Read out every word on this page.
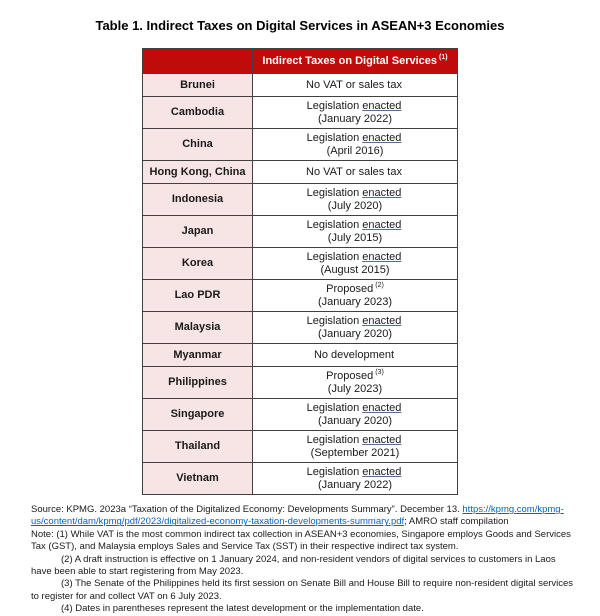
Table 1. Indirect Taxes on Digital Services in ASEAN+3 Economies
	Indirect Taxes on Digital Services $^{(1)}$
Brunei	No VAT or sales tax

Cambodia	Legislation enacted
(January 2022)

China	Legislation enacted
(April 2016)

Hong Kong, China	No VAT or sales tax

Indonesia	Legislation enacted
(July 2020)

Japan	Legislation enacted
(July 2015)

Korea	Legislation enacted
(August 2015)

Lao PDR	Proposed $^{(2)}$
(January 2023)

Malaysia	Legislation enacted
(January 2020)

Myanmar	No development

Philippines	Proposed $^{(3)}$
(July 2023)

Singapore	Legislation enacted
(January 2020)

Thailand	Legislation enacted
(September 2021)

Vietnam	Legislation enacted
(January 2022)

Source: KPMG. 2023a “Taxation of the Digitalized Economy: Developments Summary”. December 13. https://kpmg.com/kpmg-us/content/dam/kpmg/pdf/2023/digitalized-economy-taxation-developments-summary.pdf; AMRO staff compilation

Note: (1) While VAT is the most common indirect tax collection in ASEAN+3 economies, Singapore employs Goods and Services Tax (GST), and Malaysia employs Sales and Service Tax (SST) in their respective indirect tax system.

(2) A draft instruction is effective on 1 January 2024, and non-resident vendors of digital services to customers in Laos have been able to start registering from May 2023.

(3) The Senate of the Philippines held its first session on Senate Bill and House Bill to require non-resident digital services to register for and collect VAT on 6 July 2023.

(4) Dates in parentheses represent the latest development or the implementation date.
